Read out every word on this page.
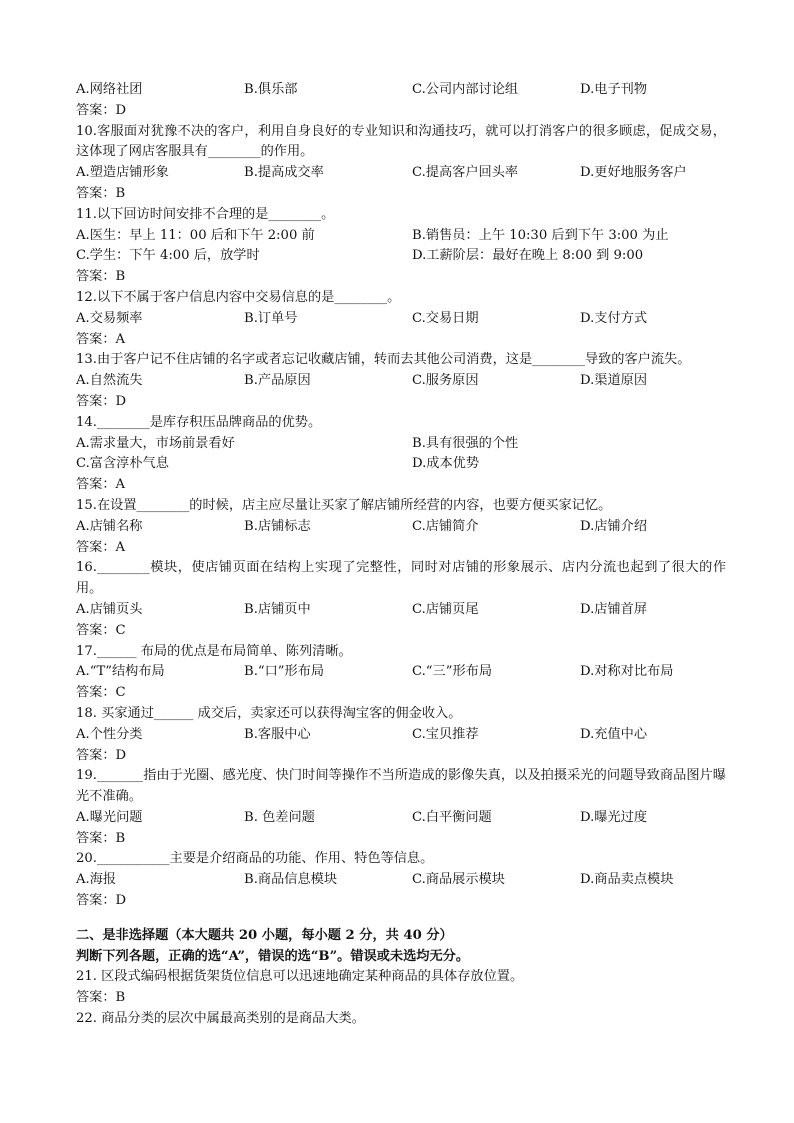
A.网络社团	B.俱乐部	C.公司内部讨论组	D.电子刊物
答案：D
10.客服面对犹豫不决的客户，利用自身良好的专业知识和沟通技巧，就可以打消客户的很多顾虑，促成交易，这体现了网店客服具有________的作用。
A.塑造店铺形象	B.提高成交率	C.提高客户回头率	D.更好地服务客户
答案：B
11.以下回访时间安排不合理的是________。
A.医生：早上 11：00 后和下午 2:00 前	B.销售员：上午 10:30 后到下午 3:00 为止
C.学生：下午 4:00 后，放学时	D.工薪阶层：最好在晚上 8:00 到 9:00
答案：B
12.以下不属于客户信息内容中交易信息的是________。
A.交易频率	B.订单号	C.交易日期	D.支付方式
答案：A
13.由于客户记不住店铺的名字或者忘记收藏店铺，转而去其他公司消费，这是________导致的客户流失。
A.自然流失	B.产品原因	C.服务原因	D.渠道原因
答案：D
14.________是库存积压品牌商品的优势。
A.需求量大，市场前景看好	B.具有很强的个性
C.富含淳朴气息	D.成本优势
答案：A
15.在设置________的时候，店主应尽量让买家了解店铺所经营的内容，也要方便买家记忆。
A.店铺名称	B.店铺标志	C.店铺简介	D.店铺介绍
答案：A
16.________模块，使店铺页面在结构上实现了完整性，同时对店铺的形象展示、店内分流也起到了很大的作用。
A.店铺页头	B.店铺页中	C.店铺页尾	D.店铺首屏
答案：C
17.______ 布局的优点是布局简单、陈列清晰。
A.“T”结构布局	B.“口”形布局	C.“三”形布局	D.对称对比布局
答案：C
18. 买家通过______ 成交后，卖家还可以获得淘宝客的佣金收入。
A.个性分类	B.客服中心	C.宝贝推荐	D.充值中心
答案：D
19._______指由于光圈、感光度、快门时间等操作不当所造成的影像失真，以及拍摄采光的问题导致商品图片曝光不准确。
A.曝光问题	B. 色差问题	C.白平衡问题	D.曝光过度
答案：B
20.___________主要是介绍商品的功能、作用、特色等信息。
A.海报	B.商品信息模块	C.商品展示模块	D.商品卖点模块
答案：D
二、是非选择题（本大题共 20 小题，每小题 2 分，共 40 分）
判断下列各题，正确的选“A”，错误的选“B”。错误或未选均无分。
21. 区段式编码根据货架货位信息可以迅速地确定某种商品的具体存放位置。
答案：B
22. 商品分类的层次中属最高类别的是商品大类。
